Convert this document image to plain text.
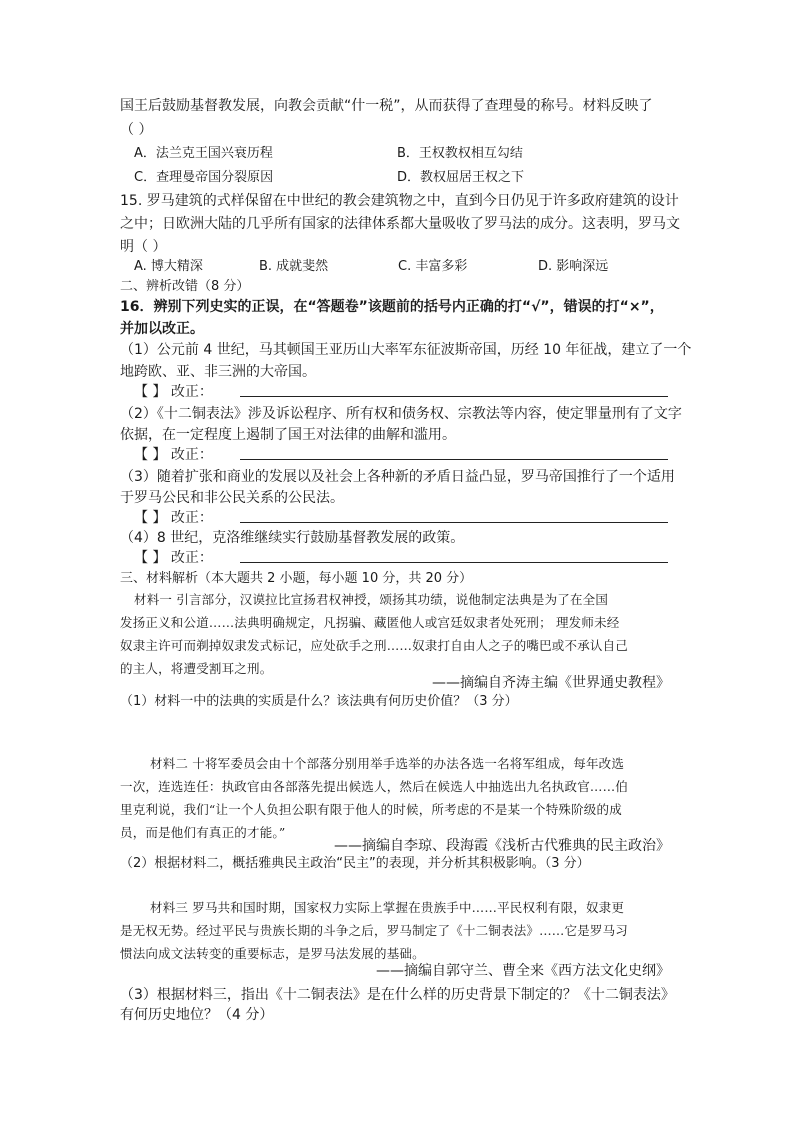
国王后鼓励基督教发展，向教会贡献“什一税”，从而获得了查理曼的称号。材料反映了
（ ）
A．法兰克王国兴衰历程	B．王权教权相互勾结
C．查理曼帝国分裂原因	D．教权屈居王权之下
15. 罗马建筑的式样保留在中世纪的教会建筑物之中，直到今日仍见于许多政府建筑的设计
之中；日欧洲大陆的几乎所有国家的法律体系都大量吸收了罗马法的成分。这表明，罗马文
明（ ）
A. 博大精深	B. 成就斐然	C. 丰富多彩	D. 影响深远
二、辨析改错（8 分）
16．辨别下列史实的正误，在“答题卷”该题前的括号内正确的打“√”，错误的打“×”，
并加以改正。
（1）公元前 4 世纪，马其顿国王亚历山大率军东征波斯帝国，历经 10 年征战，建立了一个
地跨欧、亚、非三洲的大帝国。
【 】 改正：
（2）《十二铜表法》涉及诉讼程序、所有权和债务权、宗教法等内容，使定罪量刑有了文字
依据，在一定程度上遏制了国王对法律的曲解和滥用。
【 】 改正：
（3）随着扩张和商业的发展以及社会上各种新的矛盾日益凸显，罗马帝国推行了一个适用
于罗马公民和非公民关系的公民法。
【 】 改正：
（4）8 世纪，克洛维继续实行鼓励基督教发展的政策。
【 】 改正：
三、材料解析（本大题共 2 小题，每小题 10 分，共 20 分）
材料一 引言部分，汉谟拉比宣扬君权神授，颂扬其功绩，说他制定法典是为了在全国
发扬正义和公道……法典明确规定，凡拐骗、藏匿他人或宫廷奴隶者处死刑； 理发师未经
奴隶主许可而剃掉奴隶发式标记，应处砍手之刑……奴隶打自由人之子的嘴巴或不承认自己
的主人，将遭受割耳之刑。
——摘编自齐涛主编《世界通史教程》
（1）材料一中的法典的实质是什么？该法典有何历史价值？（3 分）
材料二 十将军委员会由十个部落分别用举手选举的办法各选一名将军组成，每年改选
一次，连选连任：执政官由各部落先提出候选人，然后在候选人中抽选出九名执政官……伯
里克利说，我们“让一个人负担公职有限于他人的时候，所考虑的不是某一个特殊阶级的成
员，而是他们有真正的才能。”
——摘编自李琼、段海霞《浅析古代雅典的民主政治》
（2）根据材料二，概括雅典民主政治“民主”的表现，并分析其积极影响。（3 分）
材料三 罗马共和国时期，国家权力实际上掌握在贵族手中……平民权利有限，奴隶更
是无权无势。经过平民与贵族长期的斗争之后，罗马制定了《十二铜表法》……它是罗马习
惯法向成文法转变的重要标志，是罗马法发展的基础。
——摘编自郭守兰、曹全来《西方法文化史纲》
（3）根据材料三，指出《十二铜表法》是在什么样的历史背景下制定的？《十二铜表法》
有何历史地位？（4 分）
